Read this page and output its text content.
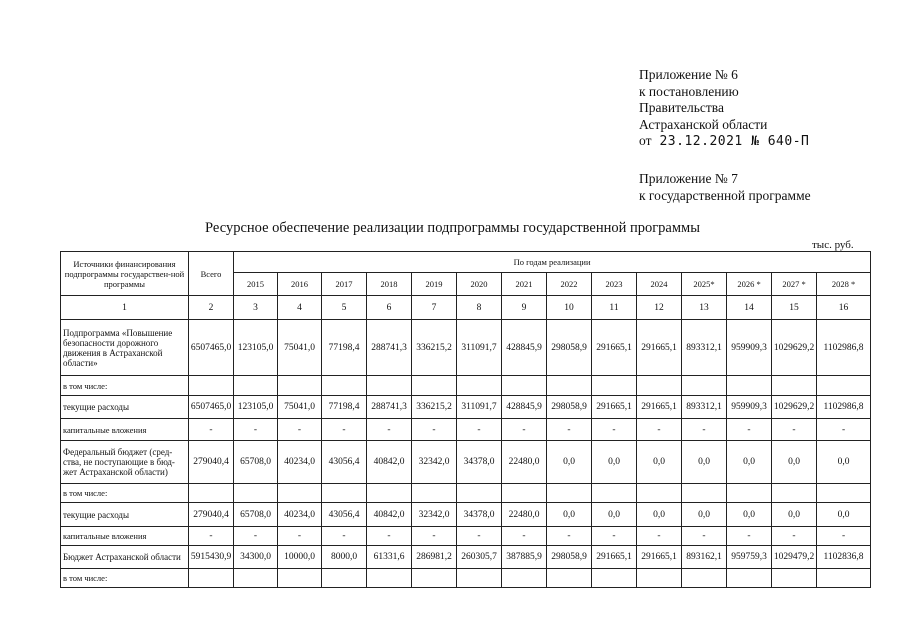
Приложение № 6
к постановлению
Правительства
Астраханской области
от 23.12.2021 № 640-П
Приложение № 7
к государственной программе
Ресурсное обеспечение реализации подпрограммы государственной программы
тыс. руб.
Источники финансирования подпрограммы государствен-ной программы	Всего	По годам реализации													
		2015	2016	2017	2018	2019	2020	2021	2022	2023	2024	2025*	2026 *	2027 *	2028 *
1	2	3	4	5	6	7	8	9	10	11	12	13	14	15	16
Подпрограмма «Повышение безопасности дорожного движения в Астраханской области»	6507465,0	123105,0	75041,0	77198,4	288741,3	336215,2	311091,7	428845,9	298058,9	291665,1	291665,1	893312,1	959909,3	1029629,2	1102986,8
в том числе:															
текущие расходы	6507465,0	123105,0	75041,0	77198,4	288741,3	336215,2	311091,7	428845,9	298058,9	291665,1	291665,1	893312,1	959909,3	1029629,2	1102986,8
капитальные вложения	-	-	-	-	-	-	-	-	-	-	-	-	-	-	-
Федеральный бюджет (сред-ства, не поступающие в бюд-жет Астраханской области)	279040,4	65708,0	40234,0	43056,4	40842,0	32342,0	34378,0	22480,0	0,0	0,0	0,0	0,0	0,0	0,0	0,0
в том числе:															
текущие расходы	279040,4	65708,0	40234,0	43056,4	40842,0	32342,0	34378,0	22480,0	0,0	0,0	0,0	0,0	0,0	0,0	0,0
капитальные вложения	-	-	-	-	-	-	-	-	-	-	-	-	-	-	-
Бюджет Астраханской области	5915430,9	34300,0	10000,0	8000,0	61331,6	286981,2	260305,7	387885,9	298058,9	291665,1	291665,1	893162,1	959759,3	1029479,2	1102836,8
в том числе:															
